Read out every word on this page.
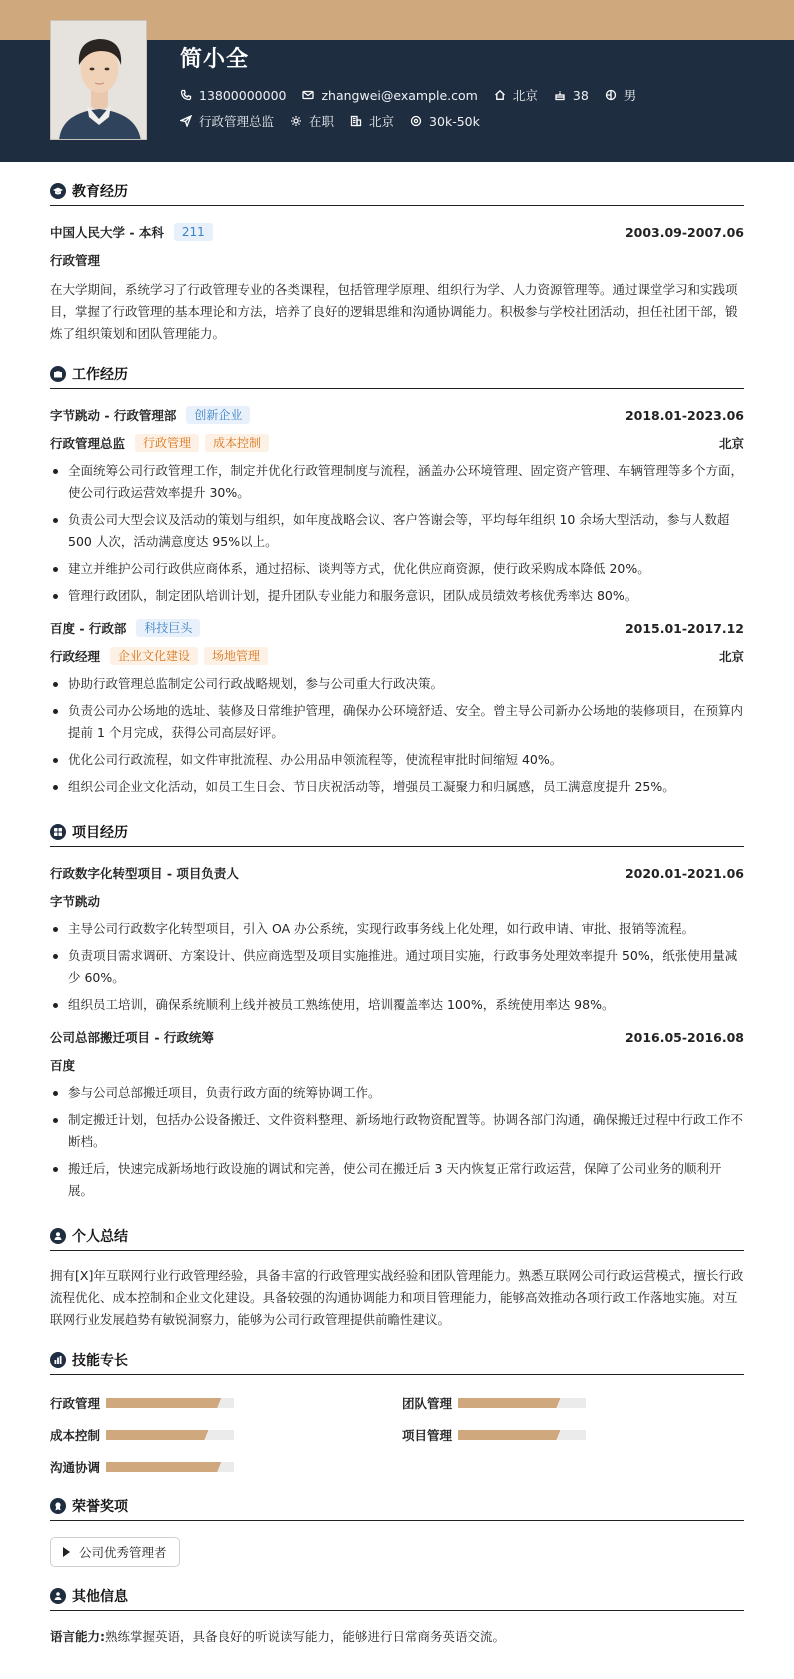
简小全
13800000000	zhangwei@example.com	北京	38	男
行政管理总监	在职	北京	30k-50k
教育经历
中国人民大学 - 本科	211	2003.09-2007.06
行政管理
在大学期间，系统学习了行政管理专业的各类课程，包括管理学原理、组织行为学、人力资源管理等。通过课堂学习和实践项目，掌握了行政管理的基本理论和方法，培养了良好的逻辑思维和沟通协调能力。积极参与学校社团活动，担任社团干部，锻炼了组织策划和团队管理能力。
工作经历
字节跳动 - 行政管理部	创新企业	2018.01-2023.06
行政管理总监	行政管理	成本控制	北京
全面统筹公司行政管理工作，制定并优化行政管理制度与流程，涵盖办公环境管理、固定资产管理、车辆管理等多个方面，使公司行政运营效率提升 30%。
负责公司大型会议及活动的策划与组织，如年度战略会议、客户答谢会等，平均每年组织 10 余场大型活动，参与人数超 500 人次，活动满意度达 95%以上。
建立并维护公司行政供应商体系，通过招标、谈判等方式，优化供应商资源，使行政采购成本降低 20%。
管理行政团队，制定团队培训计划，提升团队专业能力和服务意识，团队成员绩效考核优秀率达 80%。
百度 - 行政部	科技巨头	2015.01-2017.12
行政经理	企业文化建设	场地管理	北京
协助行政管理总监制定公司行政战略规划，参与公司重大行政决策。
负责公司办公场地的选址、装修及日常维护管理，确保办公环境舒适、安全。曾主导公司新办公场地的装修项目，在预算内提前 1 个月完成，获得公司高层好评。
优化公司行政流程，如文件审批流程、办公用品申领流程等，使流程审批时间缩短 40%。
组织公司企业文化活动，如员工生日会、节日庆祝活动等，增强员工凝聚力和归属感，员工满意度提升 25%。
项目经历
行政数字化转型项目 - 项目负责人	2020.01-2021.06
字节跳动
主导公司行政数字化转型项目，引入 OA 办公系统，实现行政事务线上化处理，如行政申请、审批、报销等流程。
负责项目需求调研、方案设计、供应商选型及项目实施推进。通过项目实施，行政事务处理效率提升 50%，纸张使用量减少 60%。
组织员工培训，确保系统顺利上线并被员工熟练使用，培训覆盖率达 100%，系统使用率达 98%。
公司总部搬迁项目 - 行政统筹	2016.05-2016.08
百度
参与公司总部搬迁项目，负责行政方面的统筹协调工作。
制定搬迁计划，包括办公设备搬迁、文件资料整理、新场地行政物资配置等。协调各部门沟通，确保搬迁过程中行政工作不断档。
搬迁后，快速完成新场地行政设施的调试和完善，使公司在搬迁后 3 天内恢复正常行政运营，保障了公司业务的顺利开展。
个人总结
拥有[X]年互联网行业行政管理经验，具备丰富的行政管理实战经验和团队管理能力。熟悉互联网公司行政运营模式，擅长行政流程优化、成本控制和企业文化建设。具备较强的沟通协调能力和项目管理能力，能够高效推动各项行政工作落地实施。对互联网行业发展趋势有敏锐洞察力，能够为公司行政管理提供前瞻性建议。
技能专长
行政管理	团队管理
成本控制	项目管理
沟通协调
荣誉奖项
公司优秀管理者
其他信息
语言能力:熟练掌握英语，具备良好的听说读写能力，能够进行日常商务英语交流。
